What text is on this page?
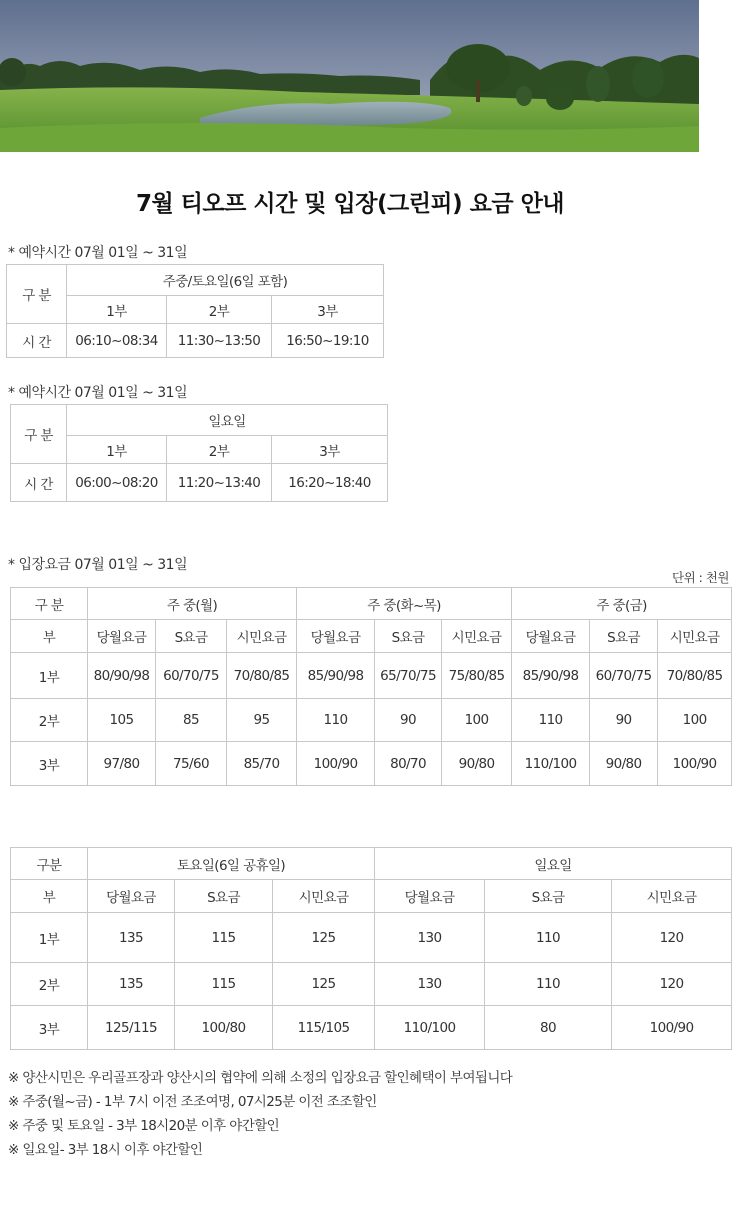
7월 티오프 시간 및 입장(그린피) 요금 안내
* 예약시간 07월 01일 ~ 31일
구 분	주중/토요일(6일 포함)		
	1부	2부	3부
시 간	06:10~08:34	11:30~13:50	16:50~19:10
* 예약시간 07월 01일 ~ 31일
구 분	일요일		
	1부	2부	3부
시 간	06:00~08:20	11:20~13:40	16:20~18:40
* 입장요금 07월 01일 ~ 31일
단위 : 천원
구 분	주 중(월)			주 중(화~목)			주 중(금)		
부	당월요금	S요금	시민요금	당월요금	S요금	시민요금	당월요금	S요금	시민요금
1부	80/90/98	60/70/75	70/80/85	85/90/98	65/70/75	75/80/85	85/90/98	60/70/75	70/80/85
2부	105	85	95	110	90	100	110	90	100
3부	97/80	75/60	85/70	100/90	80/70	90/80	110/100	90/80	100/90
구분	토요일(6일 공휴일)			일요일		
부	당월요금	S요금	시민요금	당월요금	S요금	시민요금
1부	135	115	125	130	110	120
2부	135	115	125	130	110	120
3부	125/115	100/80	115/105	110/100	80	100/90
※ 양산시민은 우리골프장과 양산시의 협약에 의해 소정의 입장요금 할인혜택이 부여됩니다
※ 주중(월~금) - 1부 7시 이전 조조여명, 07시25분 이전 조조할인
※ 주중 및 토요일 - 3부 18시20분 이후 야간할인
※ 일요일- 3부 18시 이후 야간할인
